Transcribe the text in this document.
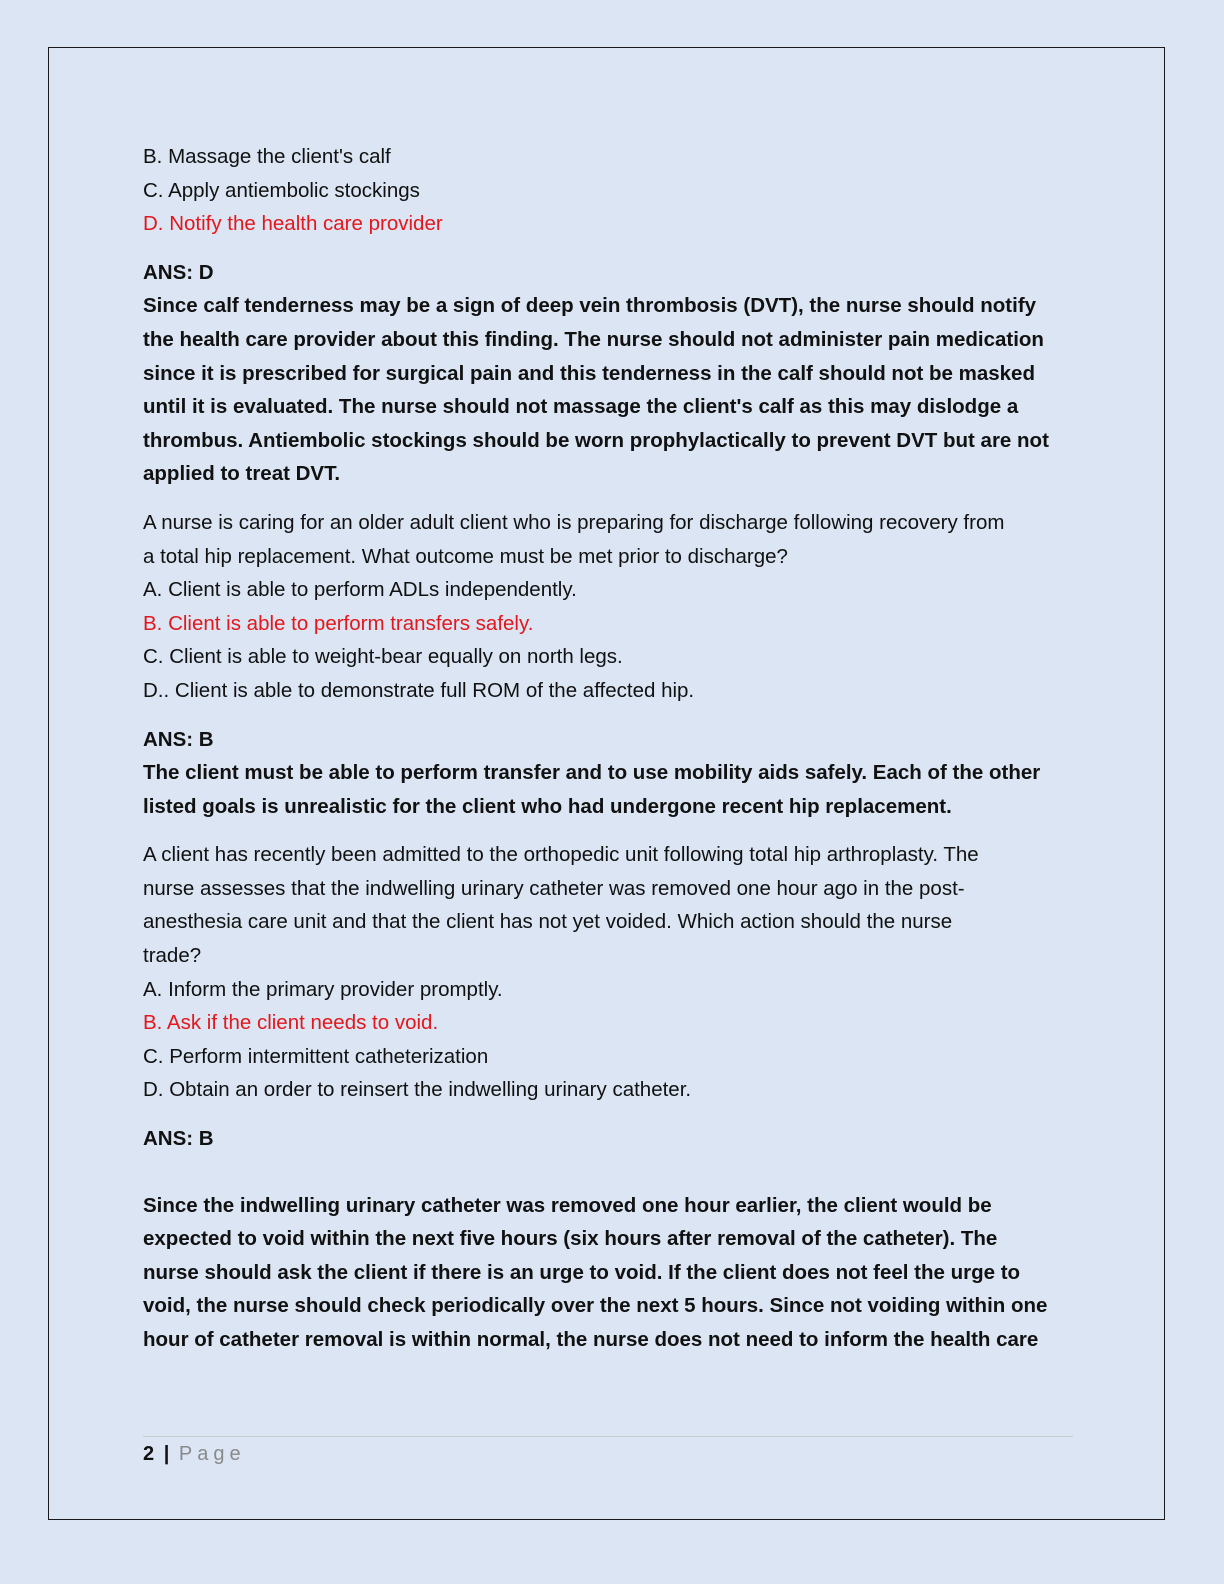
B. Massage the client's calf
C. Apply antiembolic stockings
D. Notify the health care provider
ANS: D
Since calf tenderness may be a sign of deep vein thrombosis (DVT), the nurse should notify
the health care provider about this finding. The nurse should not administer pain medication
since it is prescribed for surgical pain and this tenderness in the calf should not be masked
until it is evaluated. The nurse should not massage the client's calf as this may dislodge a
thrombus. Antiembolic stockings should be worn prophylactically to prevent DVT but are not
applied to treat DVT.
A nurse is caring for an older adult client who is preparing for discharge following recovery from
a total hip replacement. What outcome must be met prior to discharge?
A. Client is able to perform ADLs independently.
B. Client is able to perform transfers safely.
C. Client is able to weight-bear equally on north legs.
D.. Client is able to demonstrate full ROM of the affected hip.
ANS: B
The client must be able to perform transfer and to use mobility aids safely. Each of the other
listed goals is unrealistic for the client who had undergone recent hip replacement.
A client has recently been admitted to the orthopedic unit following total hip arthroplasty. The
nurse assesses that the indwelling urinary catheter was removed one hour ago in the post-
anesthesia care unit and that the client has not yet voided. Which action should the nurse
trade?
A. Inform the primary provider promptly.
B. Ask if the client needs to void.
C. Perform intermittent catheterization
D. Obtain an order to reinsert the indwelling urinary catheter.
ANS: B
Since the indwelling urinary catheter was removed one hour earlier, the client would be
expected to void within the next five hours (six hours after removal of the catheter). The
nurse should ask the client if there is an urge to void. If the client does not feel the urge to
void, the nurse should check periodically over the next 5 hours. Since not voiding within one
hour of catheter removal is within normal, the nurse does not need to inform the health care
2 | Page
